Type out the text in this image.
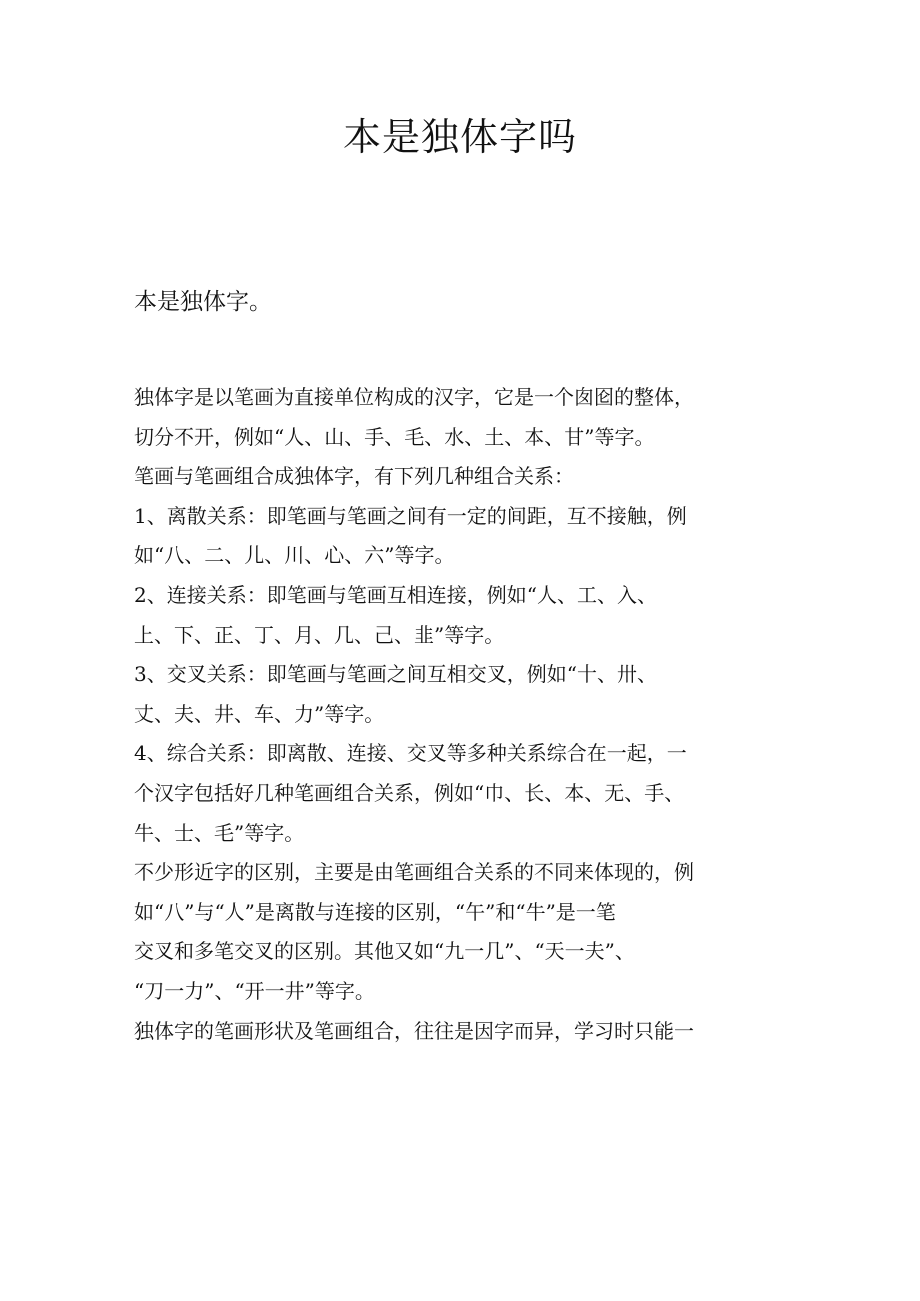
本是独体字吗

本是独体字。

独体字是以笔画为直接单位构成的汉字，它是一个囱囵的整体，
切分不开，例如“人、山、手、毛、水、土、本、甘”等字。
笔画与笔画组合成独体字，有下列几种组合关系：
1、离散关系：即笔画与笔画之间有一定的间距，互不接触，例
如“八、二、儿、川、心、六”等字。
2、连接关系：即笔画与笔画互相连接，例如“人、工、入、
上、下、正、丁、月、几、己、韭”等字。
3、交叉关系：即笔画与笔画之间互相交叉，例如“十、卅、
丈、夫、井、车、力”等字。
4、综合关系：即离散、连接、交叉等多种关系综合在一起，一
个汉字包括好几种笔画组合关系，例如“巾、长、本、无、手、
牛、士、毛”等字。
不少形近字的区别，主要是由笔画组合关系的不同来体现的，例
如“八”与“人”是离散与连接的区别，“午”和“牛”是一笔
交叉和多笔交叉的区别。其他又如“九一几”、“天一夫”、
“刀一力”、“开一井”等字。
独体字的笔画形状及笔画组合，往往是因字而异，学习时只能一
